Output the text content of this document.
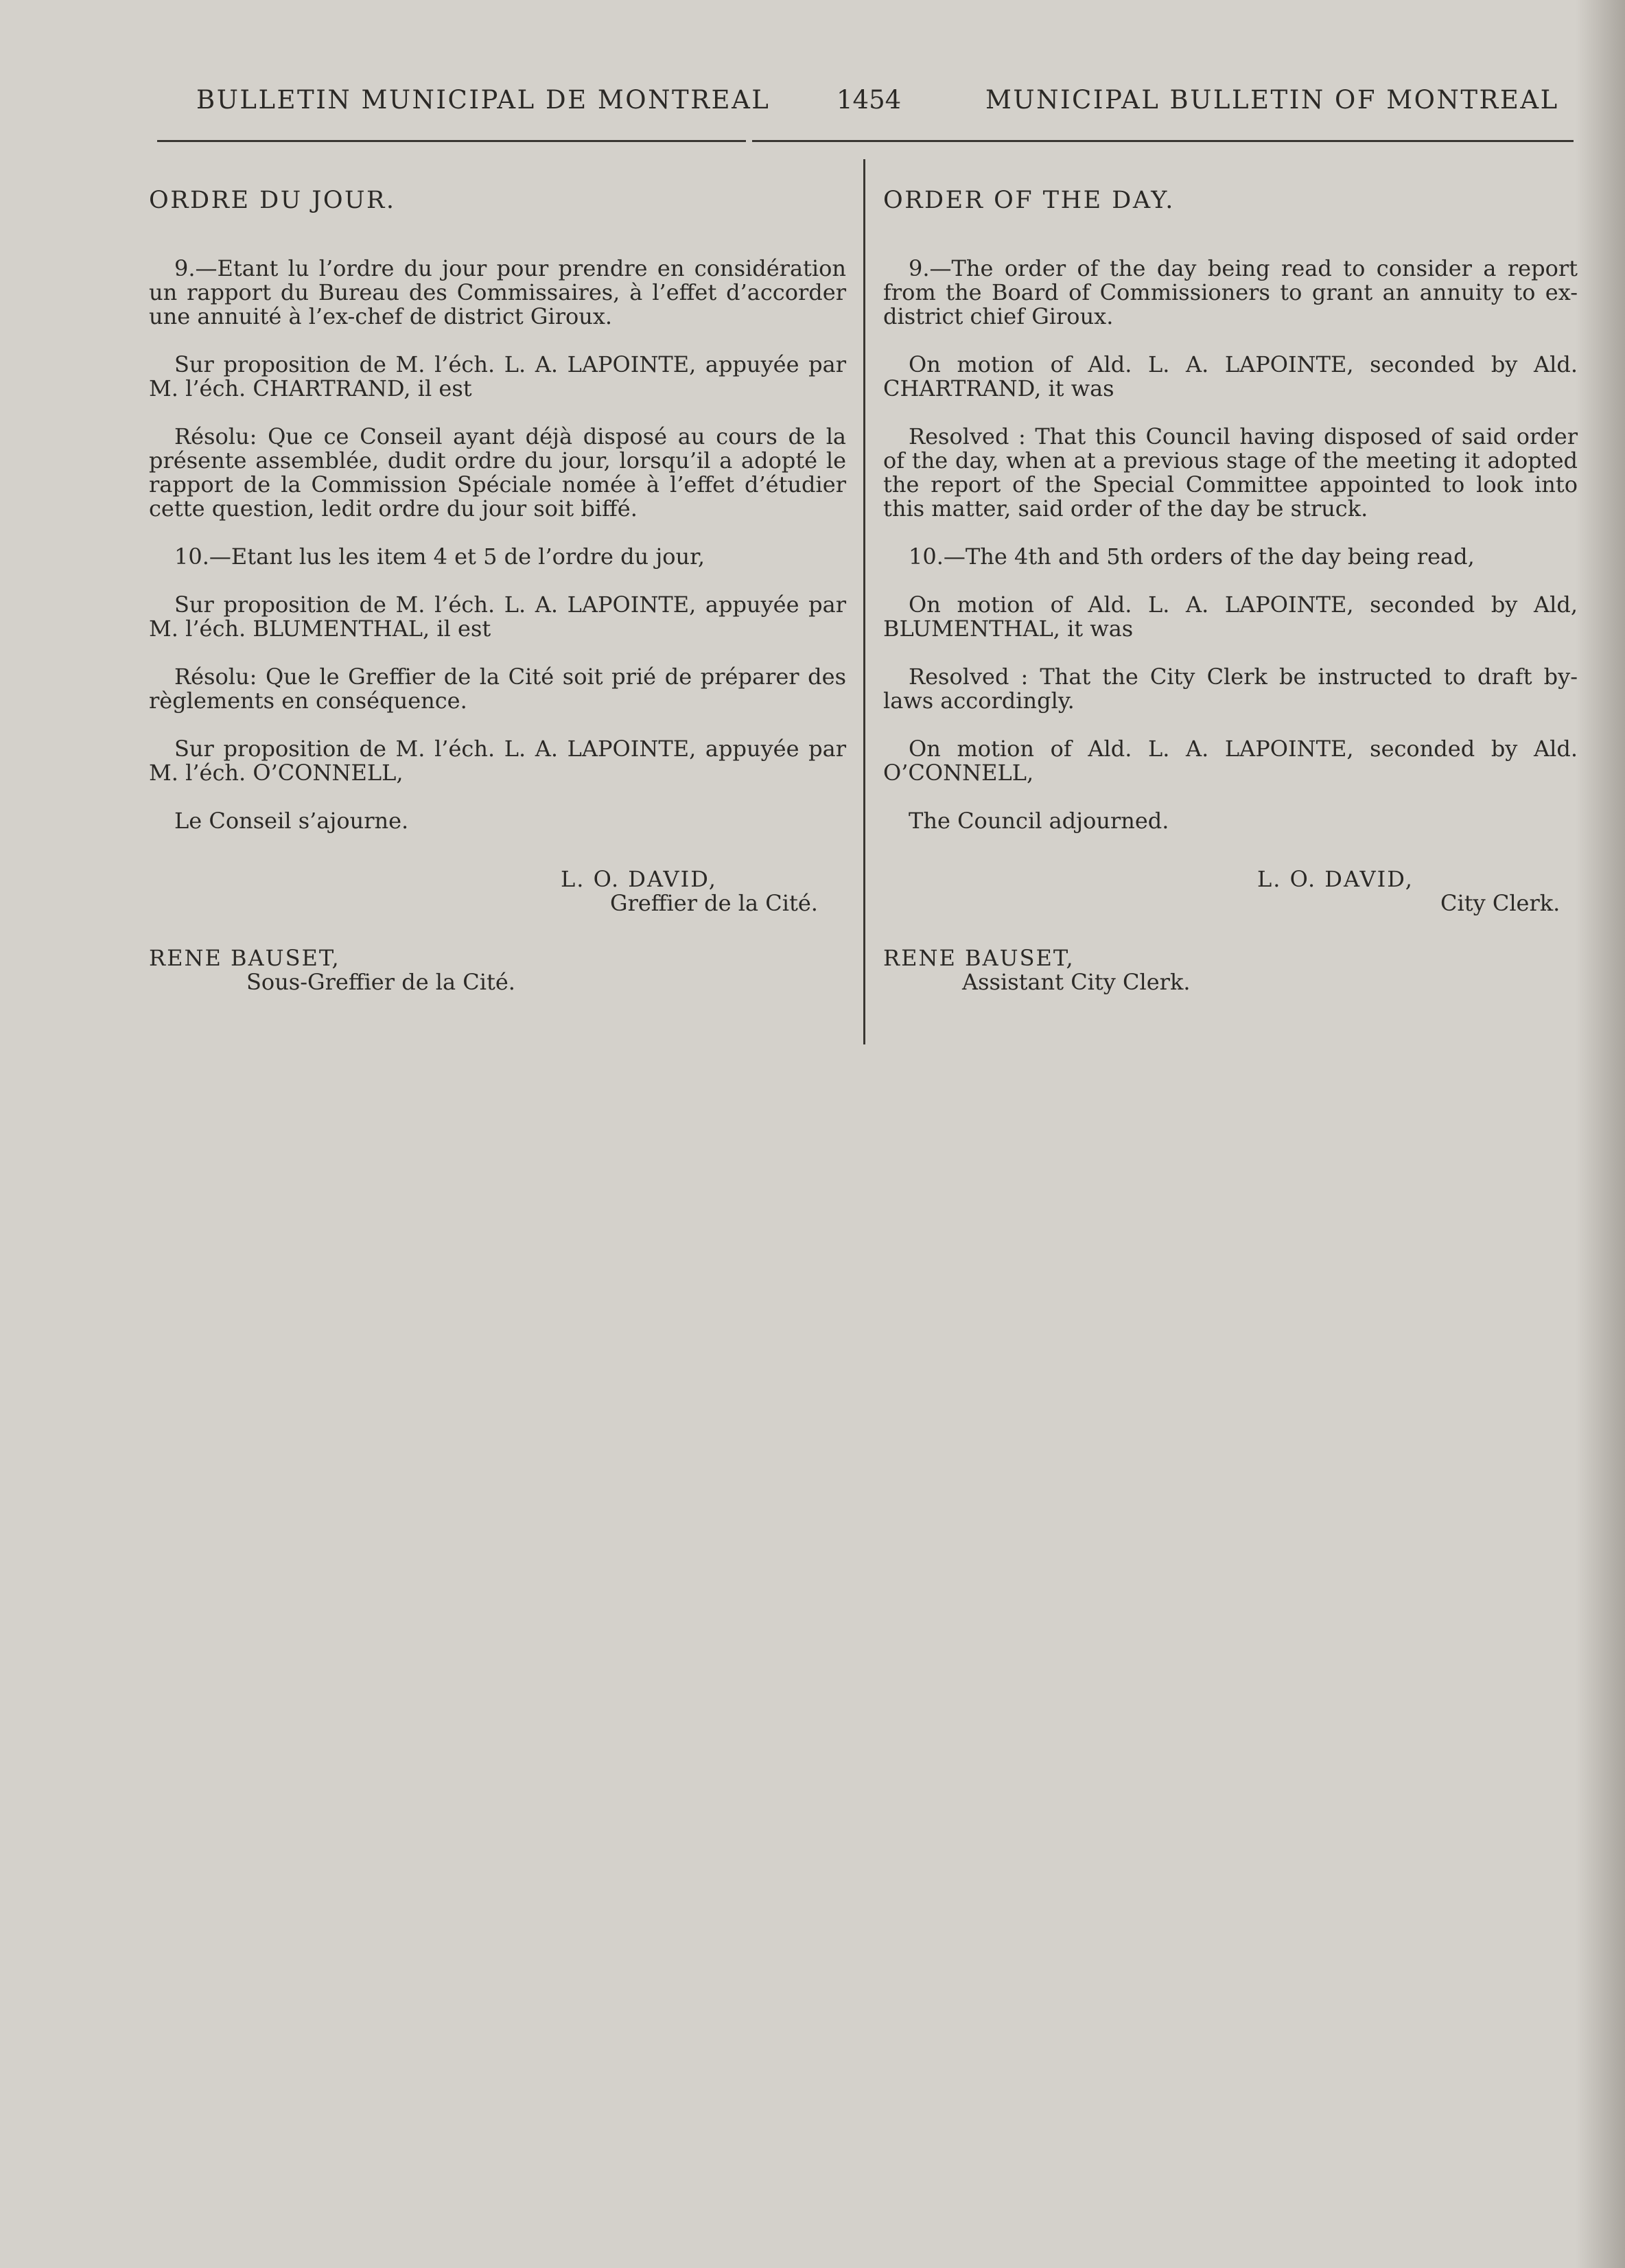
BULLETIN MUNICIPAL DE MONTREAL	1454	MUNICIPAL BULLETIN OF MONTREAL
ORDRE DU JOUR.

9.—Etant lu l’ordre du jour pour prendre en considération un rapport du Bureau des Commissaires, à l’effet d’accorder une annuité à l’ex-chef de district Giroux.

Sur proposition de M. l’éch. L. A. LAPOINTE, appuyée par M. l’éch. CHARTRAND, il est

Résolu: Que ce Conseil ayant déjà disposé au cours de la présente assemblée, dudit ordre du jour, lorsqu’il a adopté le rapport de la Commission Spéciale nomée à l’effet d’étudier cette question, ledit ordre du jour soit biffé.

10.—Etant lus les item 4 et 5 de l’ordre du jour,

Sur proposition de M. l’éch. L. A. LAPOINTE, appuyée par M. l’éch. BLUMENTHAL, il est

Résolu: Que le Greffier de la Cité soit prié de préparer des règlements en conséquence.

Sur proposition de M. l’éch. L. A. LAPOINTE, appuyée par M. l’éch. O’CONNELL,

Le Conseil s’ajourne.

L. O. DAVID,

Greffier de la Cité.

RENE BAUSET,

Sous-Greffier de la Cité.

ORDER OF THE DAY.

9.—The order of the day being read to consider a report from the Board of Commissioners to grant an annuity to ex-district chief Giroux.

On motion of Ald. L. A. LAPOINTE, seconded by Ald. CHARTRAND, it was

Resolved : That this Council having disposed of said order of the day, when at a previous stage of the meeting it adopted the report of the Special Committee appointed to look into this matter, said order of the day be struck.

10.—The 4th and 5th orders of the day being read,

On motion of Ald. L. A. LAPOINTE, seconded by Ald, BLUMENTHAL, it was

Resolved : That the City Clerk be instructed to draft by-laws accordingly.

On motion of Ald. L. A. LAPOINTE, seconded by Ald. O’CONNELL,

The Council adjourned.

L. O. DAVID,

City Clerk.

RENE BAUSET,

Assistant City Clerk.
